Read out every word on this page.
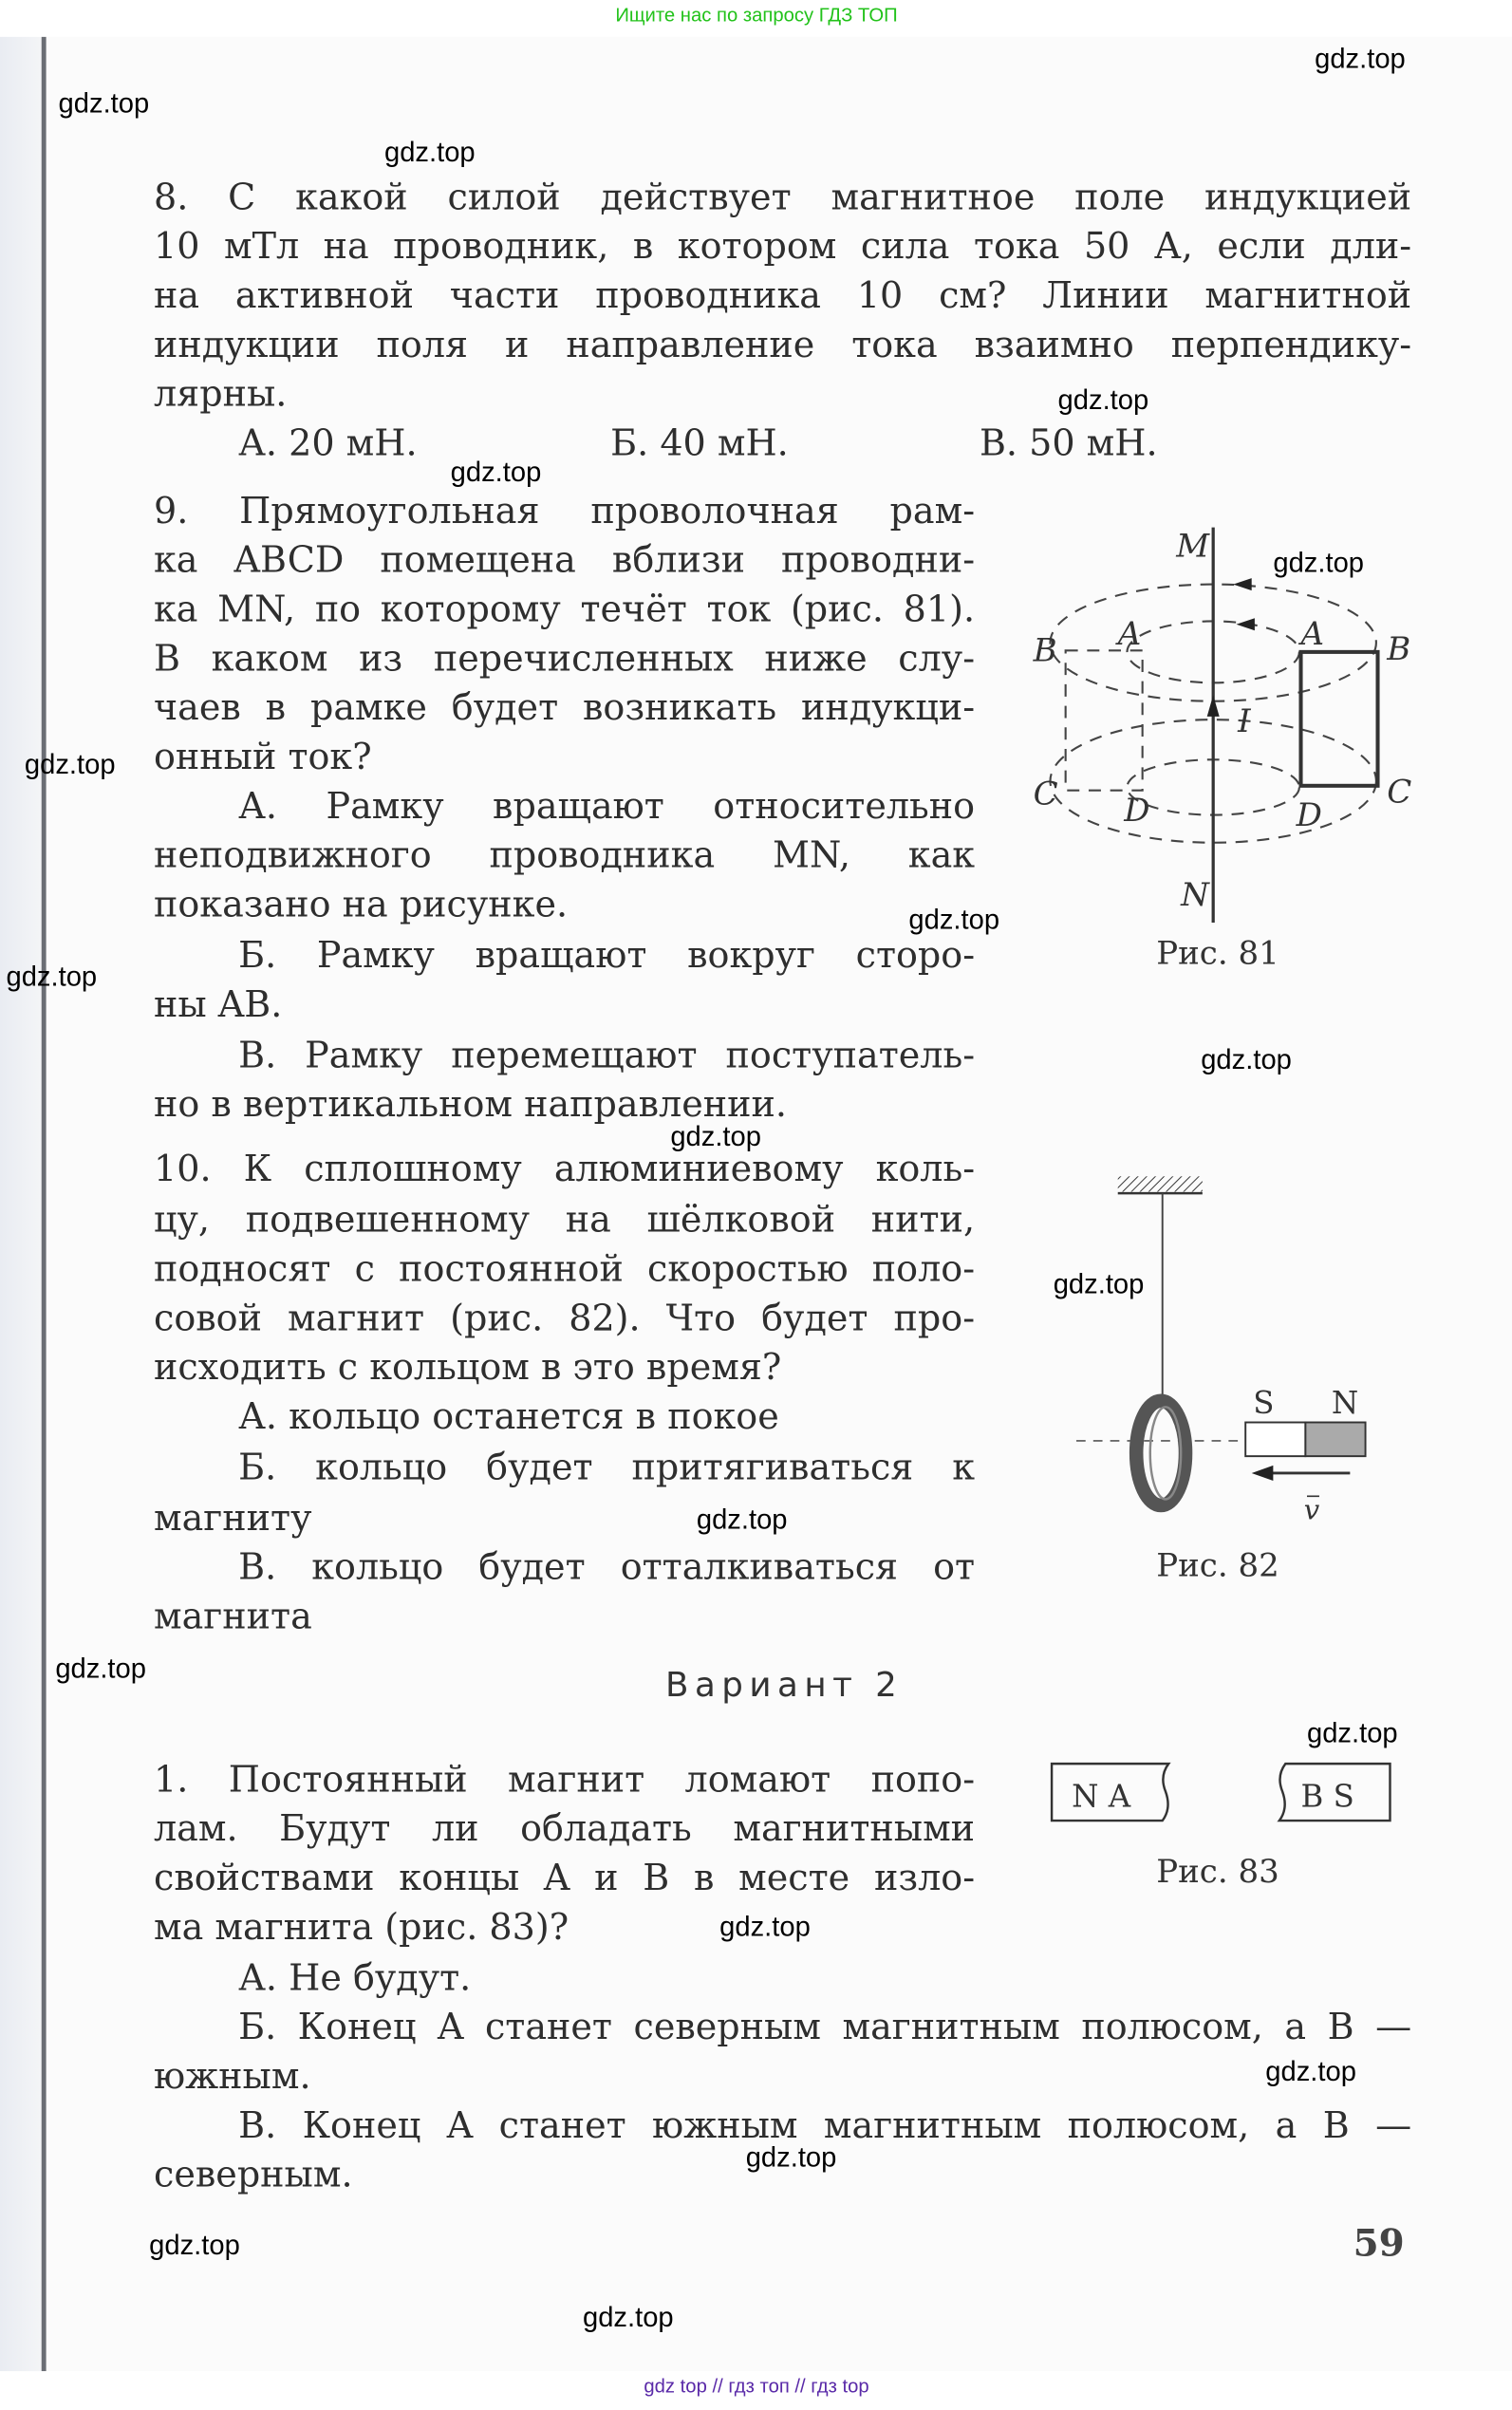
Ищите нас по запросу ГДЗ ТОП
gdz top // гдз топ // гдз top
8. С какой силой действует магнитное поле индукцией
10 мТл на проводник, в котором сила тока 50 А, если дли-
на активной части проводника 10 см? Линии магнитной
индукции поля и направление тока взаимно перпендику-
лярны.
А. 20 мН.	Б. 40 мН.	В. 50 мН.
9. Прямоугольная проволочная рам-
ка ABCD помещена вблизи проводни-
ка MN, по которому течёт ток (рис. 81).
В каком из перечисленных ниже слу-
чаев в рамке будет возникать индукци-
онный ток?
А. Рамку вращают относительно
неподвижного проводника MN, как
показано на рисунке.
Б. Рамку вращают вокруг сторо-
ны AB.
В. Рамку перемещают поступатель-
но в вертикальном направлении.
10. К сплошному алюминиевому коль-
цу, подвешенному на шёлковой нити,
подносят с постоянной скоростью поло-
совой магнит (рис. 82). Что будет про-
исходить с кольцом в это время?
А. кольцо останется в покое
Б. кольцо будет притягиваться к
магниту
В. кольцо будет отталкиваться от
магнита
1. Постоянный магнит ломают попо-
лам. Будут ли обладать магнитными
свойствами концы A и B в месте изло-
ма магнита (рис. 83)?
А. Не будут.
Б. Конец A станет северным магнитным полюсом, а B —
южным.
В. Конец A станет южным магнитным полюсом, а B —
северным.
gdz.top
gdz.top
gdz.top
gdz.top
gdz.top
gdz.top
gdz.top
gdz.top
gdz.top
gdz.top
gdz.top
gdz.top
gdz.top
gdz.top
gdz.top
gdz.top
gdz.top
gdz.top
gdz.top
gdz.top
Вариант 2
59
M
N
I
B	A
C	D
A	B
C
D
Рис. 81
S	N
v
Рис. 82
N A	B S
Рис. 83
